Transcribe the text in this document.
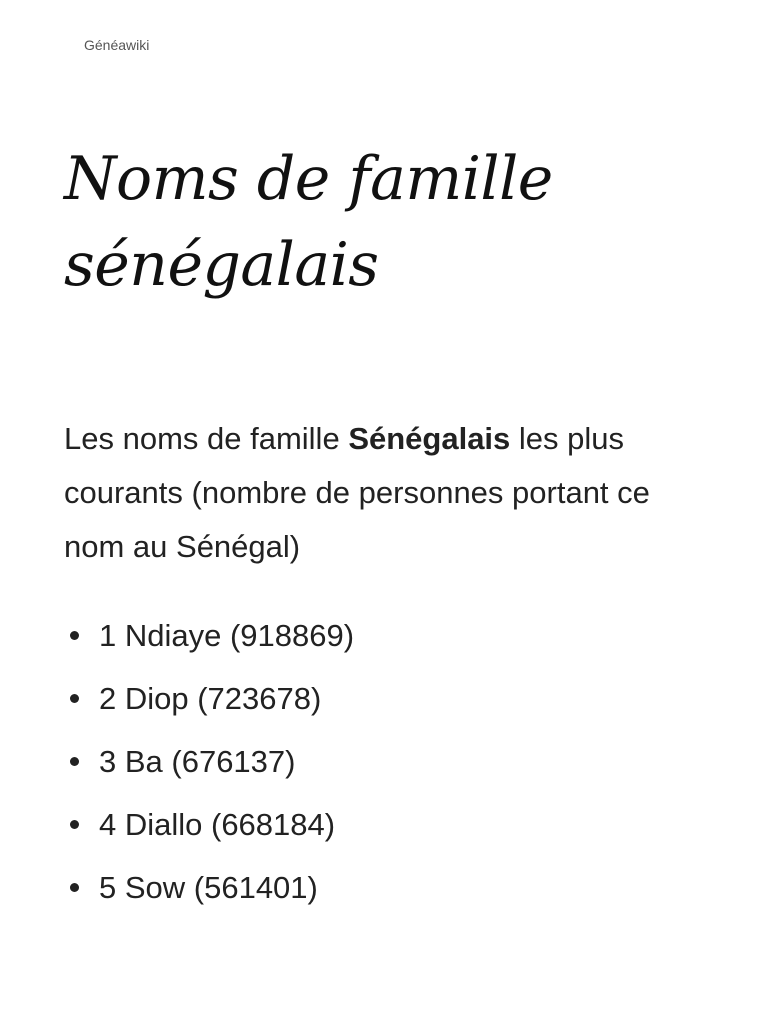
Généawiki
Noms de famille sénégalais

Les noms de famille Sénégalais les plus courants (nombre de personnes portant ce nom au Sénégal)

1 Ndiaye (918869)
2 Diop (723678)
3 Ba (676137)
4 Diallo (668184)
5 Sow (561401)
